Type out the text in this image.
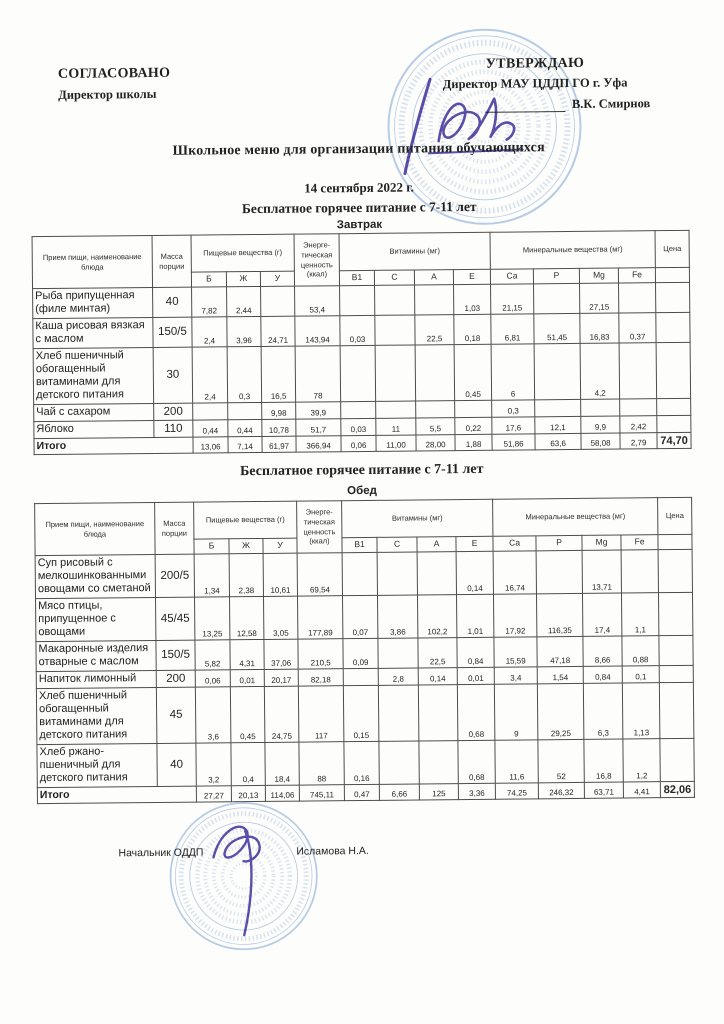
СОГЛАСОВАНО
Директор школы
УТВЕРЖДАЮ
Директор МАУ ЦДДП ГО г. Уфа
В.К. Смирнов
Школьное меню для организации питания обучающихся
14 сентября 2022 г.
Бесплатное горячее питание с 7-11 лет
Завтрак
Прием пищи, наименование блюда	Масса порции	Пищевые вещества (г)			Энерге-тическая ценность (ккал)	Витамины (мг)				Минеральные вещества (мг)				Цена
		Б	Ж	У		В1	С	А	Е	Са	Р	Mg	Fe	
Рыба припущенная (филе минтая)	40	7,82	2,44		53,4				1,03	21,15		27,15		
Каша рисовая вязкая с маслом	150/5	2,4	3,96	24,71	143,94	0,03		22,5	0,18	6,81	51,45	16,83	0,37	
Хлеб пшеничный обогащенный витаминами для детского питания	30	2,4	0,3	16,5	78				0,45	6		4,2		
Чай с сахаром	200			9,98	39,9					0,3				
Яблоко	110	0,44	0,44	10,78	51,7	0,03	11	5,5	0,22	17,6	12,1	9,9	2,42	
Итого		13,06	7,14	61,97	366,94	0,06	11,00	28,00	1,88	51,86	63,6	58,08	2,79	74,70
Бесплатное горячее питание с 7-11 лет
Обед
Прием пищи, наименование блюда	Масса порции	Пищевые вещества (г)			Энерге-тическая ценность (ккал)	Витамины (мг)				Минеральные вещества (мг)				Цена
		Б	Ж	У		В1	С	А	Е	Са	Р	Mg	Fe	
Суп рисовый с мелкошинкованными овощами со сметаной	200/5	1,34	2,38	10,61	69,54				0,14	16,74		13,71		
Мясо птицы, припущенное с овощами	45/45	13,25	12,58	3,05	177,89	0,07	3,86	102,2	1,01	17,92	116,35	17,4	1,1	
Макаронные изделия отварные с маслом	150/5	5,82	4,31	37,06	210,5	0,09		22,5	0,84	15,59	47,18	8,66	0,88	
Напиток лимонный	200	0,06	0,01	20,17	82,18		2,8	0,14	0,01	3,4	1,54	0,84	0,1	
Хлеб пшеничный обогащенный витаминами для детского питания	45	3,6	0,45	24,75	117	0,15			0,68	9	29,25	6,3	1,13	
Хлеб ржано-пшеничный для детского питания	40	3,2	0,4	18,4	88	0,16			0,68	11,6	52	16,8	1,2	
Итого		27,27	20,13	114,06	745,11	0,47	6,66	125	3,36	74,25	246,32	63,71	4,41	82,06
Начальник ОДДП	Исламова Н.А.
